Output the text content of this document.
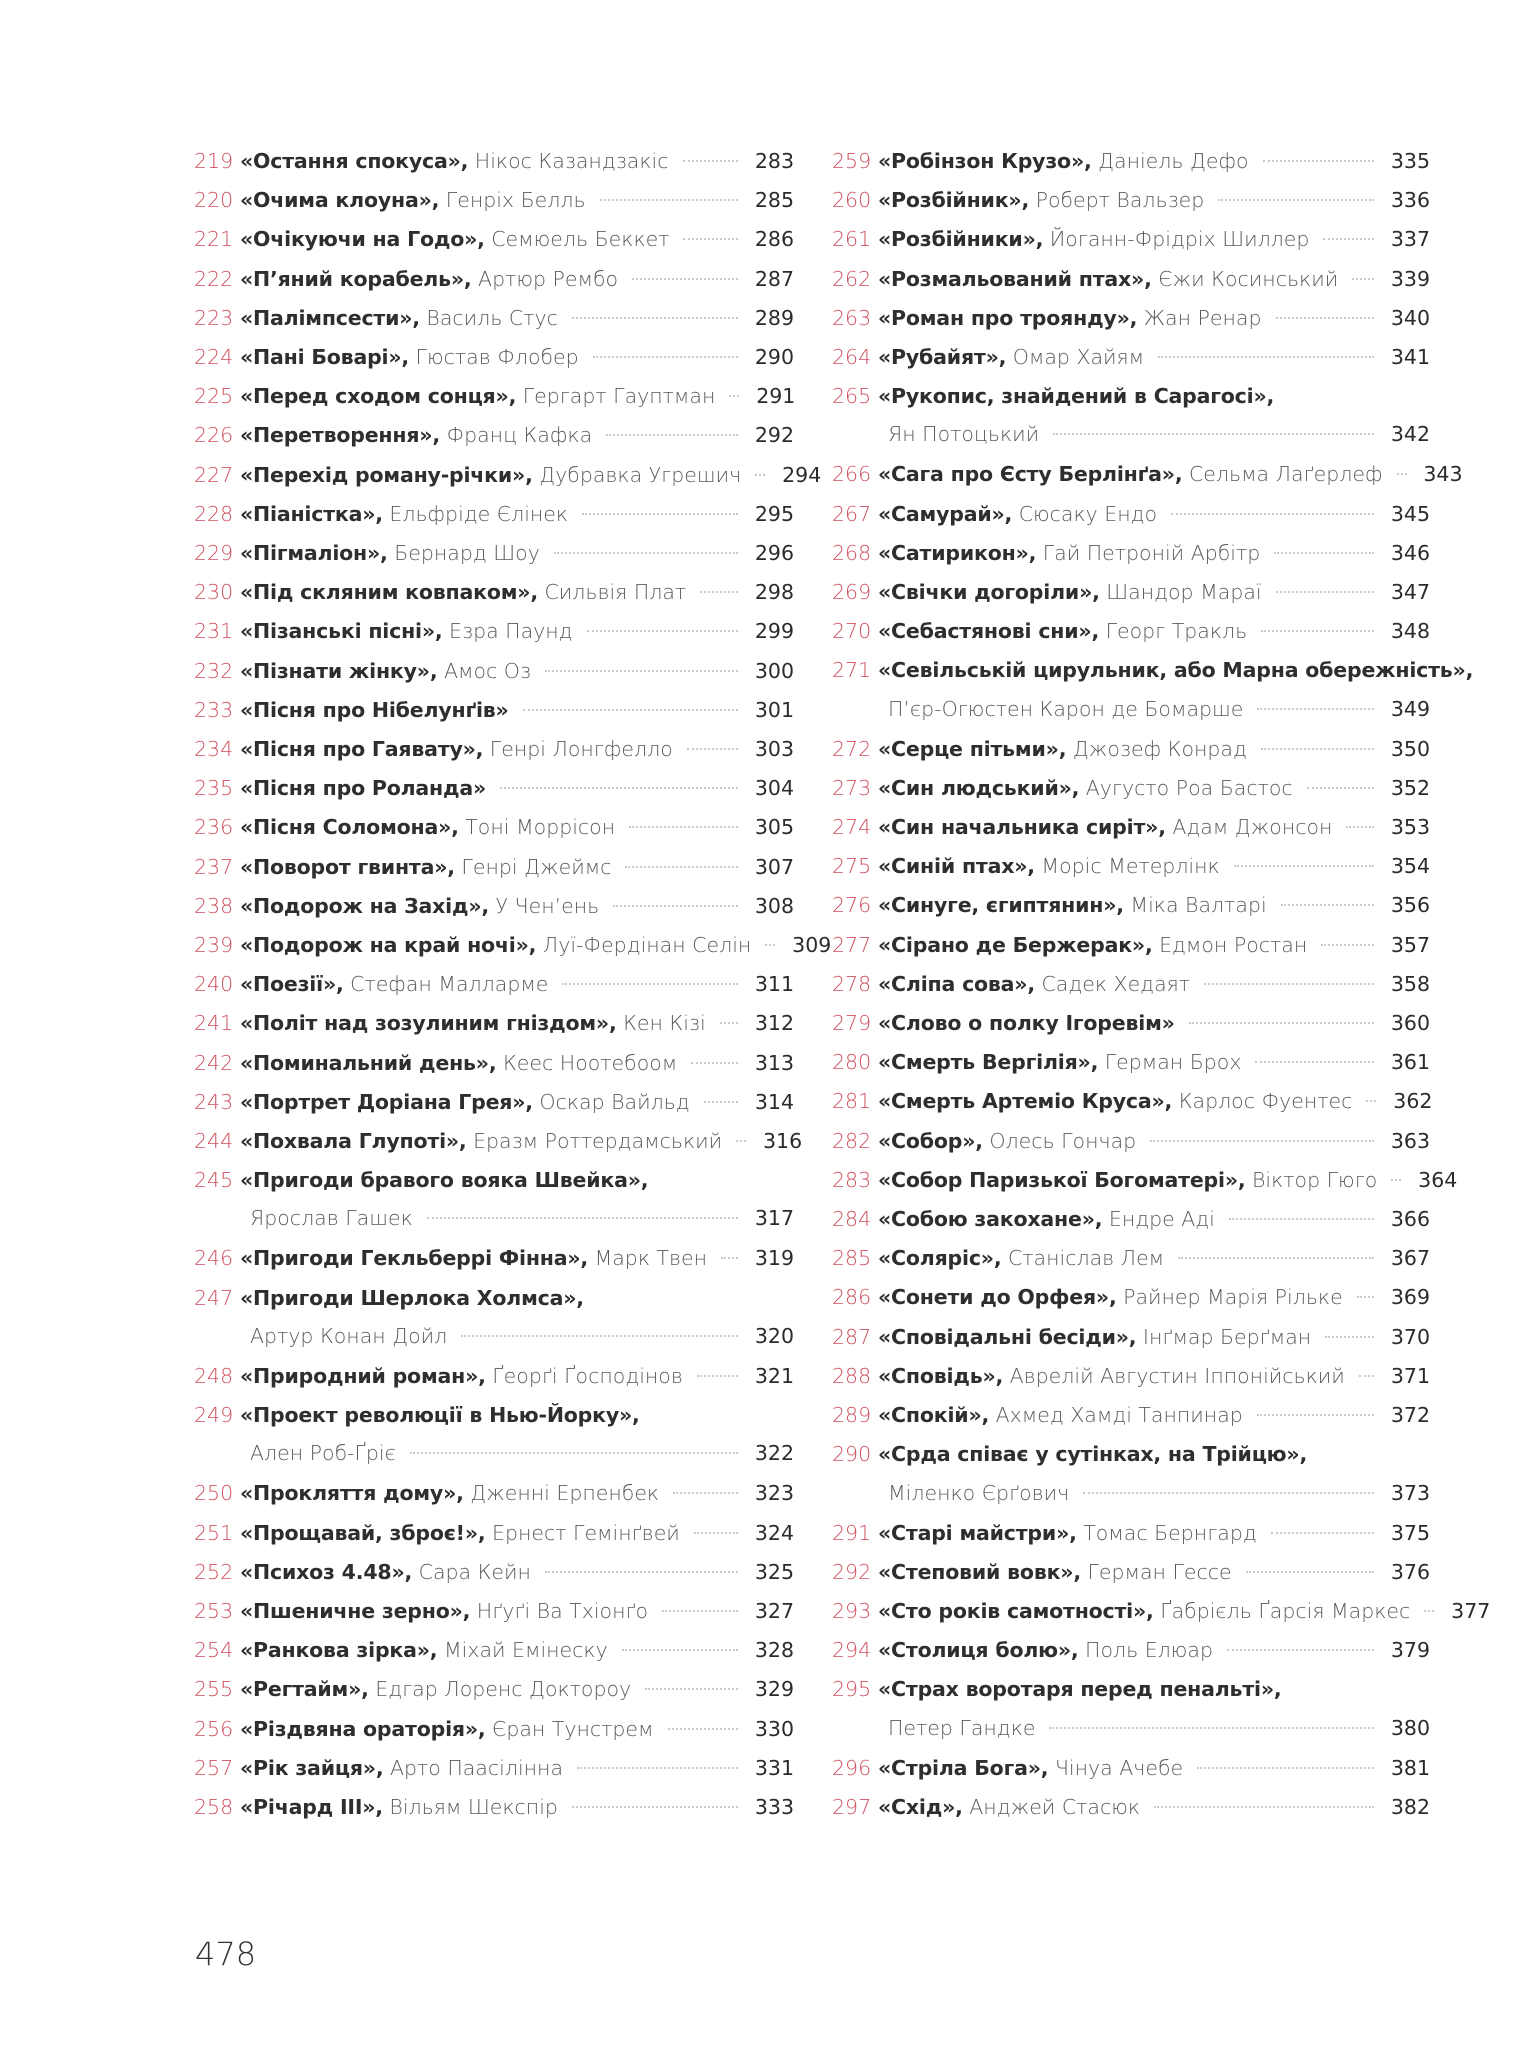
219 «Остання спокуса»,
Нікос Казандзакіс	283
220 «Очима клоуна»,
Генріх Белль	285
221 «Очікуючи на Годо»,
Семюель Беккет	286
222 «П’яний корабель»,
Артюр Рембо	287
223 «Палімпсести»,
Василь Стус	289
224 «Пані Боварі»,
Гюстав Флобер	290
225 «Перед сходом сонця»,
Гергарт Гауптман 291
226 «Перетворення»,
Франц Кафка	292
227 «Перехід роману-річки»,
Дубравка Угрешич 294
228 «Піаністка»,
Ельфріде Єлінек	295
229 «Пігмаліон»,
Бернард Шоу	296
230 «Під скляним ковпаком»,
Сильвія Плат	298
231 «Пізанські пісні»,
Езра Паунд	299
232 «Пізнати жінку»,
Амос Оз	300
233 «Пісня про Нібелунґів»	301
234 «Пісня про Гаявату»,
Генрі Лонгфелло	303
235 «Пісня про Роланда»	304
236 «Пісня Соломона»,
Тоні Моррісон	305
237 «Поворот гвинта»,
Генрі Джеймс	307
238 «Подорож на Захід»,
У Чен’ень	308
239 «Подорож на край ночі»,
Луї-Фердінан Селін 309
240 «Поезії»,
Стефан Малларме	311
241 «Політ над зозулиним гніздом»,
Кен Кізі 312
242 «Поминальний день»,
Кеес Ноотебоом	313
243 «Портрет Доріана Грея»,
Оскар Вайльд	314
244 «Похвала Глупоті»,
Еразм Роттердамський 316
245 «Пригоди бравого вояка Швейка»,
Ярослав Гашек	317
246 «Пригоди Гекльберрі Фінна»,
Марк Твен 319
247 «Пригоди Шерлока Холмса»,
Артур Конан Дойл	320
248 «Природний роман»,
Ґеорґі Ґосподінов	321
249 «Проект революції в Нью-Йорку»,
Ален Роб-Ґріє	322
250 «Прокляття дому»,
Дженні Ерпенбек	323
251 «Прощавай, зброє!»,
Ернест Гемінґвей	324
252 «Психоз 4.48»,
Сара Кейн	325
253 «Пшеничне зерно»,
Нґуґі Ва Тхіонґо	327
254 «Ранкова зірка»,
Міхай Емінеску	328
255 «Регтайм»,
Едгар Лоренс Доктороу	329
256 «Різдвяна ораторія»,
Єран Тунстрем	330
257 «Рік зайця»,
Арто Паасілінна	331
258 «Річард ІІІ»,
Вільям Шекспір	333
259 «Робінзон Крузо»,
Даніель Дефо	335
260 «Розбійник»,
Роберт Вальзер	336
261 «Розбійники»,
Йоганн-Фрідріх Шиллер	337
262 «Розмальований птах»,
Єжи Косинський	339
263 «Роман про троянду»,
Жан Ренар	340
264 «Рубайят»,
Омар Хайям	341
265 «Рукопис, знайдений в Сарагосі»,
Ян Потоцький	342
266 «Сага про Єсту Берлінґа»,
Сельма Лаґерлеф 343
267 «Самурай»,
Сюсаку Ендо	345
268 «Сатирикон»,
Гай Петроній Арбітр	346
269 «Свічки догоріли»,
Шандор Мараї	347
270 «Себастянові сни»,
Георг Тракль	348
271 «Севільській цирульник, або Марна обережність»,
П’єр-Огюстен Карон де Бомарше	349
272 «Серце пітьми»,
Джозеф Конрад	350
273 «Син людський»,
Аугусто Роа Бастос	352
274 «Син начальника сиріт»,
Адам Джонсон	353
275 «Синій птах»,
Моріс Метерлінк	354
276 «Синуге, єгиптянин»,
Міка Валтарі	356
277 «Сірано де Бержерак»,
Едмон Ростан	357
278 «Сліпа сова»,
Садек Хедаят	358
279 «Слово о полку Ігоревім»	360
280 «Смерть Вергілія»,
Герман Брох	361
281 «Смерть Артеміо Круса»,
Карлос Фуентес 362
282 «Собор»,
Олесь Гончар	363
283 «Собор Паризької Богоматері»,
Віктор Гюго 364
284 «Собою закохане»,
Ендре Аді	366
285 «Соляріс»,
Станіслав Лем	367
286 «Сонети до Орфея»,
Райнер Марія Рільке 369
287 «Сповідальні бесіди»,
Інґмар Берґман	370
288 «Сповідь»,
Аврелій Августин Іппонійський 371
289 «Спокій»,
Ахмед Хамді Танпинар	372
290 «Срда співає у сутінках, на Трійцю»,
Міленко Єрґович	373
291 «Старі майстри»,
Томас Бернгард	375
292 «Степовий вовк»,
Герман Гессе	376
293 «Сто років самотності»,
Ґабрієль Ґарсія Маркес 377
294 «Столиця болю»,
Поль Елюар	379
295 «Страх воротаря перед пенальті»,
Петер Гандке	380
296 «Стріла Бога»,
Чінуа Ачебе	381
297 «Схід»,
Анджей Стасюк	382
478
